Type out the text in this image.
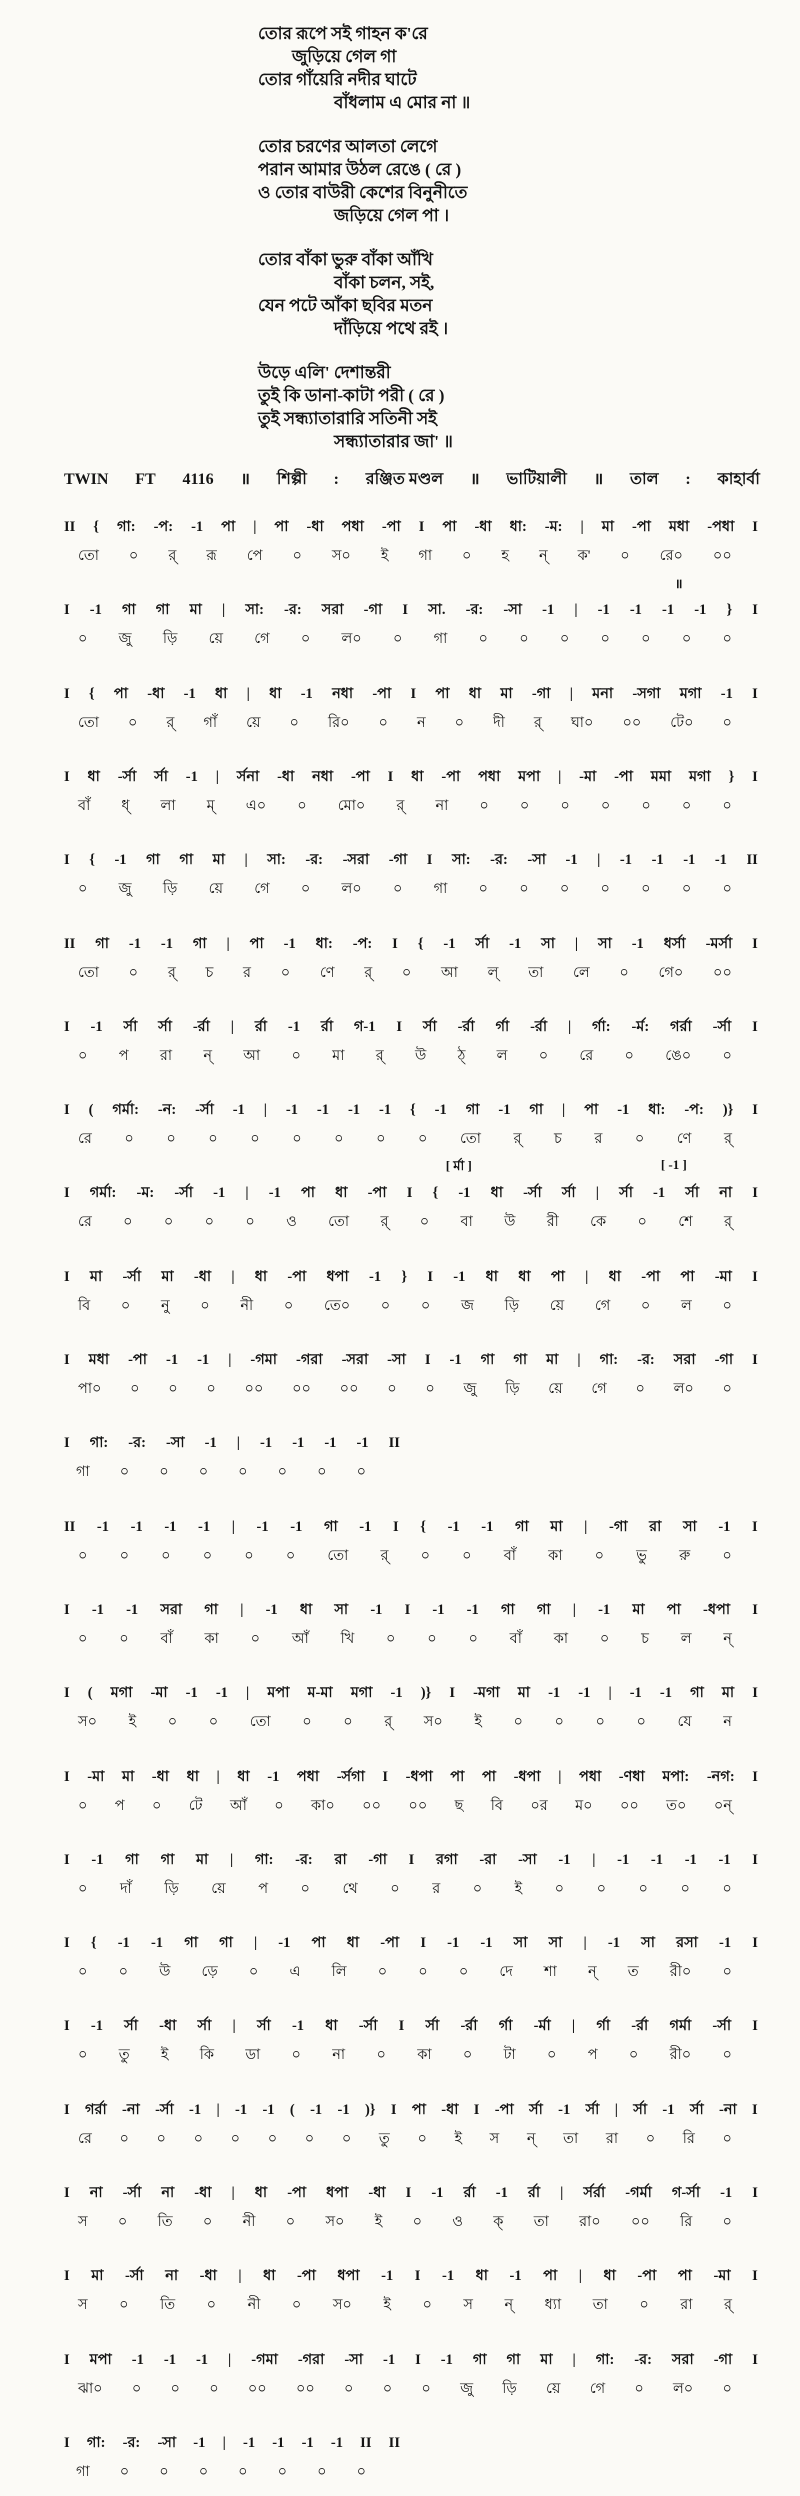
তোর রূপে সই গাহন ক'রে
জুড়িয়ে গেল গা
তোর গাঁয়েরি নদীর ঘাটে
বাঁধলাম এ মোর না ॥
তোর চরণের আলতা লেগে
পরান আমার উঠল রেঙে ( রে )
ও তোর বাউরী কেশের বিনুনীতে
জড়িয়ে গেল পা ।
তোর বাঁকা ভুরু বাঁকা আঁখি
বাঁকা চলন, সই,
যেন পটে আঁকা ছবির মতন
দাঁড়িয়ে পথে রই ।
উড়ে এলি' দেশান্তরী
তুই কি ডানা-কাটা পরী ( রে )
তুই সন্ধ্যাতারারি সতিনী সই
সন্ধ্যাতারার জা' ॥
TWIN FT 4116 ॥ শিল্পী : রঞ্জিত মণ্ডল ॥ ভাটিয়ালী ॥ তাল : কাহার্বা
II { গা: -প: -1 পা | পা -ধা পধা -পা I পা -ধা ধা: -ম: | মা -পা মধা -পধা I
তো ০ র্ রূ পে ০ স০ ই গা ০ হ ন্ ক' ০ রে০ ০০
॥
I -1 গা গা মা | সা: -র: সরা -গা I সা. -র: -সা -1 | -1 -1 -1 -1 } I
০ জু ড়ি য়ে গে ০ ল০ ০ গা ০ ০ ০ ০ ০ ০ ০
I { পা -ধা -1 ধা | ধা -1 নধা -পা I পা ধা মা -গা | মনা -সগা মগা -1 I
তো ০ র্ গাঁ য়ে ০ রি০ ০ ন ০ দী র্ ঘা০ ০০ টে০ ০
I ধা -র্সা র্সা -1 | র্সনা -ধা নধা -পা I ধা -পা পধা মপা | -মা -পা মমা মগা } I
বাঁ ধ্ লা ম্ এ০ ০ মো০ র্ না ০ ০ ০ ০ ০ ০ ০
I { -1 গা গা মা | সা: -র: -সরা -গা I সা: -র: -সা -1 | -1 -1 -1 -1 II
০ জু ড়ি য়ে গে ০ ল০ ০ গা ০ ০ ০ ০ ০ ০ ০
II গা -1 -1 গা | পা -1 ধা: -প: I { -1 র্সা -1 সা | সা -1 ধর্সা -মর্সা I
তো ০ র্ চ র ০ ণে র্ ০ আ ল্ তা লে ০ গে০ ০০
I -1 র্সা র্সা -র্রা | র্রা -1 র্রা গ-1 I র্সা -র্রা র্গা -র্রা | র্গা: -র্ম: গর্রা -র্সা I
০ প রা ন্ আ ০ মা র্ উ ঠ্ ল ০ রে ০ ঙে০ ০
I ( গর্মা: -ন: -র্সা -1 | -1 -1 -1 -1 { -1 গা -1 গা | পা -1 ধা: -প: )} I
রে ০ ০ ০ ০ ০ ০ ০ ০ তো র্ চ র ০ ণে র্
[ র্মা ]	[ -1 ]
I গর্মা: -ম: -র্সা -1 | -1 পা ধা -পা I { -1 ধা -র্সা র্সা | র্সা -1 র্সা না I
রে ০ ০ ০ ০ ও তো র্ ০ বা উ রী কে ০ শে র্
I মা -র্সা মা -ধা | ধা -পা ধপা -1 } I -1 ধা ধা পা | ধা -পা পা -মা I
বি ০ নু ০ নী ০ তে০ ০ ০ জ ড়ি য়ে গে ০ ল ০
I মধা -পা -1 -1 | -গমা -গরা -সরা -সা I -1 গা গা মা | গা: -র: সরা -গা I
পা০ ০ ০ ০ ০০ ০০ ০০ ০ ০ জু ড়ি য়ে গে ০ ল০ ০
I গা: -র: -সা -1 | -1 -1 -1 -1 II
গা ০ ০ ০ ০ ০ ০ ০
II -1 -1 -1 -1 | -1 -1 গা -1 I { -1 -1 গা মা | -গা রা সা -1 I
০ ০ ০ ০ ০ ০ তো র্ ০ ০ বাঁ কা ০ ভু রু ০
I -1 -1 সরা গা | -1 ধা সা -1 I -1 -1 গা গা | -1 মা পা -ধপা I
০ ০ বাঁ কা ০ আঁ খি ০ ০ ০ বাঁ কা ০ চ ল ন্
I ( মগা -মা -1 -1 | মপা ম-মা মগা -1 )} I -মগা মা -1 -1 | -1 -1 গা মা I
স০ ই ০ ০ তো ০ ০ র্ স০ ই ০ ০ ০ ০ যে ন
I -মা মা -ধা ধা | ধা -1 পধা -র্সগা I -ধপা পা পা -ধপা | পধা -ণধা মপা: -নগ: I
০ প ০ টে আঁ ০ কা০ ০০ ০০ ছ বি ০র ম০ ০০ ত০ ০ন্
I -1 গা গা মা | গা: -র: রা -গা I রগা -রা -সা -1 | -1 -1 -1 -1 I
০ দাঁ ড়ি য়ে প ০ থে ০ র ০ ই ০ ০ ০ ০ ০
I { -1 -1 গা গা | -1 পা ধা -পা I -1 -1 সা সা | -1 সা রসা -1 I
০ ০ উ ড়ে ০ এ লি ০ ০ ০ দে শা ন্ ত রী০ ০
I -1 র্সা -ধা র্সা | র্সা -1 ধা -র্সা I র্সা -র্রা র্গা -র্মা | র্গা -র্রা গর্মা -র্সা I
০ তু ই কি ডা ০ না ০ কা ০ টা ০ প ০ রী০ ০
I গর্রা -না -র্সা -1 | -1 -1 ( -1 -1 )} I পা -ধা I -পা র্সা -1 র্সা | র্সা -1 র্সা -না I
রে ০ ০ ০ ০ ০ ০ ০ তু ০ ই স ন্ তা রা ০ রি ০
I না -র্সা না -ধা | ধা -পা ধপা -ধা I -1 র্রা -1 র্রা | র্সর্রা -গর্মা গ-র্সা -1 I
স ০ তি ০ নী ০ স০ ই ০ ও ক্ তা রা০ ০০ রি ০
I মা -র্সা না -ধা | ধা -পা ধপা -1 I -1 ধা -1 পা | ধা -পা পা -মা I
স ০ তি ০ নী ০ স০ ই ০ স ন্ ধ্যা তা ০ রা র্
I মপা -1 -1 -1 | -গমা -গরা -সা -1 I -1 গা গা মা | গা: -র: সরা -গা I
ঝা০ ০ ০ ০ ০০ ০০ ০ ০ ০ জু ড়ি য়ে গে ০ ল০ ০
I গা: -র: -সা -1 | -1 -1 -1 -1 II II
গা ০ ০ ০ ০ ০ ০ ০
